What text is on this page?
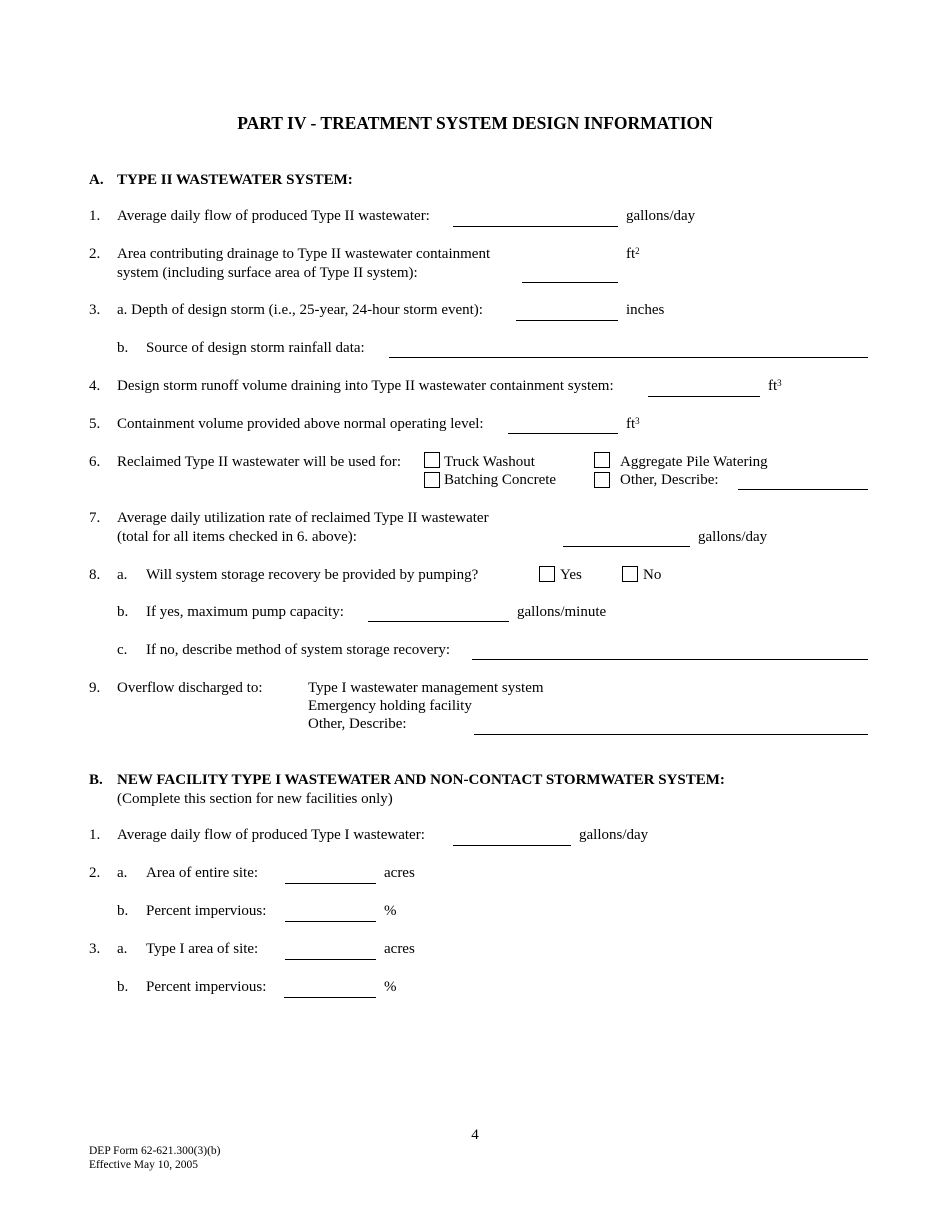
PART IV - TREATMENT SYSTEM DESIGN INFORMATION
A. TYPE II WASTEWATER SYSTEM:
1. Average daily flow of produced Type II wastewater:	gallons/day
2. Area contributing drainage to Type II wastewater containment
system (including surface area of Type II system):
$ft^2$
3. a. Depth of design storm (i.e., 25-year, 24-hour storm event):	inches
b. Source of design storm rainfall data:
4. Design storm runoff volume draining into Type II wastewater containment system:	$ft^3$
5. Containment volume provided above normal operating level:	$ft^3$
6. Reclaimed Type II wastewater will be used for:	Truck Washout	Aggregate Pile Watering
Batching Concrete	Other, Describe:
7. Average daily utilization rate of reclaimed Type II wastewater
(total for all items checked in 6. above):	gallons/day
8. a. Will system storage recovery be provided by pumping?	Yes	No
b. If yes, maximum pump capacity:	gallons/minute
c. If no, describe method of system storage recovery:
9. Overflow discharged to:	Type I wastewater management system
Emergency holding facility
Other, Describe:
B. NEW FACILITY TYPE I WASTEWATER AND NON-CONTACT STORMWATER SYSTEM:
(Complete this section for new facilities only)
1. Average daily flow of produced Type I wastewater:	gallons/day
2. a. Area of entire site:	acres
b. Percent impervious:	%
3. a. Type I area of site:	acres
b. Percent impervious:	%
4
DEP Form 62-621.300(3)(b)
Effective May 10, 2005
